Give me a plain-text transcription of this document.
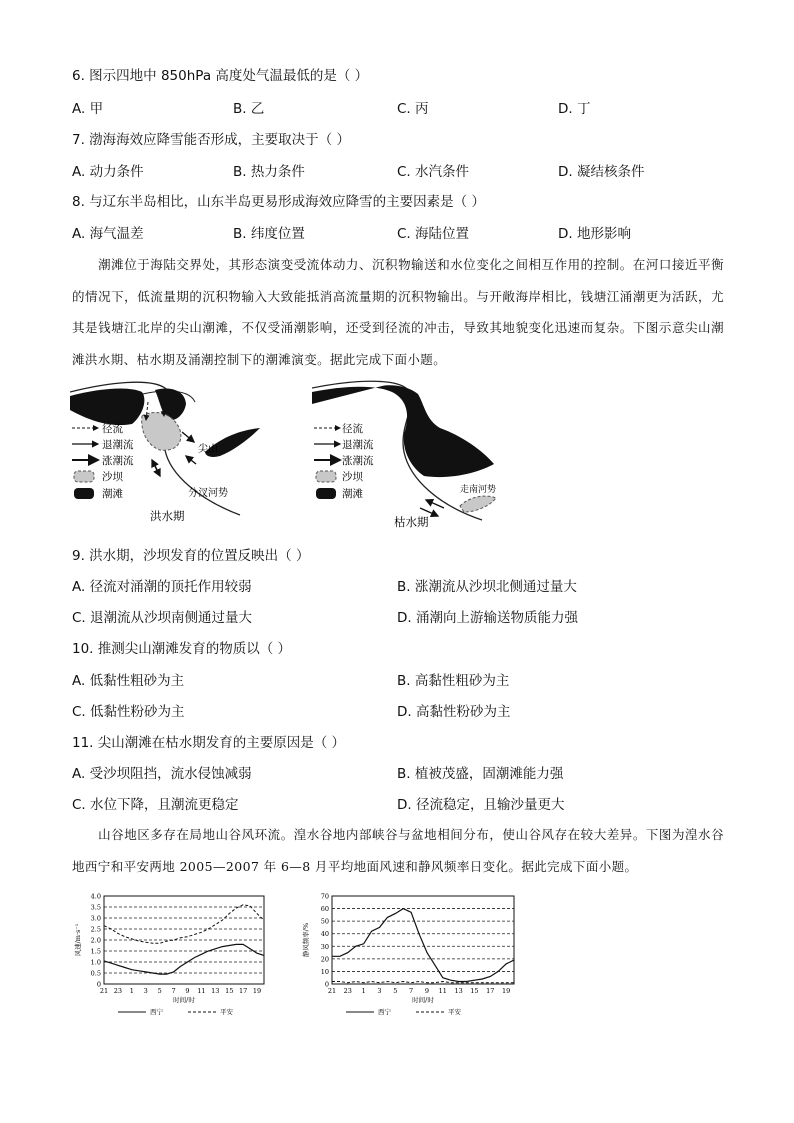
6. 图示四地中 850hPa 高度处气温最低的是（ ）
A. 甲	B. 乙	C. 丙	D. 丁
7. 渤海海效应降雪能否形成，主要取决于（ ）
A. 动力条件	B. 热力条件	C. 水汽条件	D. 凝结核条件
8. 与辽东半岛相比，山东半岛更易形成海效应降雪的主要因素是（ ）
A. 海气温差	B. 纬度位置	C. 海陆位置	D. 地形影响
潮滩位于海陆交界处，其形态演变受流体动力、沉积物输送和水位变化之间相互作用的控制。在河口接近平衡的情况下，低流量期的沉积物输入大致能抵消高流量期的沉积物输出。与开敞海岸相比，钱塘江涌潮更为活跃，尤其是钱塘江北岸的尖山潮滩，不仅受涌潮影响，还受到径流的冲击，导致其地貌变化迅速而复杂。下图示意尖山潮滩洪水期、枯水期及涌潮控制下的潮滩演变。据此完成下面小题。
径流
退潮流
涨潮流
沙坝
潮滩
尖山
分汊河势
洪水期
径流
退潮流
涨潮流
沙坝
潮滩	走南河势
枯水期
9. 洪水期，沙坝发育的位置反映出（ ）
A. 径流对涌潮的顶托作用较弱	B. 涨潮流从沙坝北侧通过量大
C. 退潮流从沙坝南侧通过量大	D. 涌潮向上游输送物质能力强
10. 推测尖山潮滩发育的物质以（ ）
A. 低黏性粗砂为主	B. 高黏性粗砂为主
C. 低黏性粉砂为主	D. 高黏性粉砂为主
11. 尖山潮滩在枯水期发育的主要原因是（ ）
A. 受沙坝阻挡，流水侵蚀减弱	B. 植被茂盛，固潮滩能力强
C. 水位下降，且潮流更稳定	D. 径流稳定，且输沙量更大
山谷地区多存在局地山谷风环流。湟水谷地内部峡谷与盆地相间分布，使山谷风存在较大差异。下图为湟水谷地西宁和平安两地 2005—2007 年 6—8 月平均地面风速和静风频率日变化。据此完成下面小题。
0
0.5
1.0
1.5
2.0
2.5
3.0
3.5
4.0
21 23 1 3 5 7 9 11 13 15 17 19
时间/时
风速/m·s⁻¹
西宁	平安
0
10
20
30
40
50
60
70
21 23 1 3 5 7 9 11 13 15 17 19
时间/时
静风频率/%
西宁	平安
